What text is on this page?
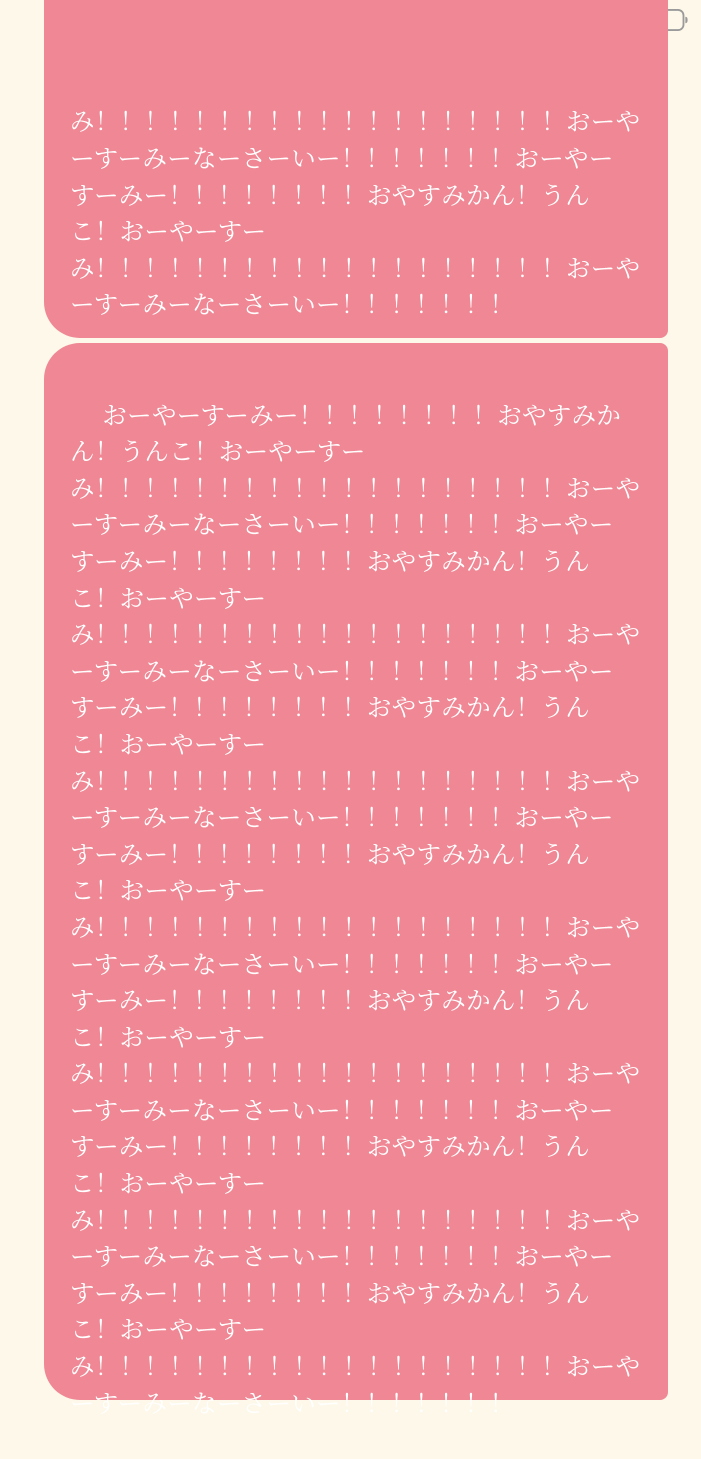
み！！！！！！！！！！！！！！！！！！！おーや
ーすーみーなーさーいー！！！！！！！おーやー
すーみー！！！！！！！！おやすみかん！うん
こ！おーやーすー
み！！！！！！！！！！！！！！！！！！！おーや
ーすーみーなーさーいー！！！！！！！

おーやーすーみー！！！！！！！！おやすみか
ん！うんこ！おーやーすー
み！！！！！！！！！！！！！！！！！！！おーや
ーすーみーなーさーいー！！！！！！！おーやー
すーみー！！！！！！！！おやすみかん！うん
こ！おーやーすー
み！！！！！！！！！！！！！！！！！！！おーや
ーすーみーなーさーいー！！！！！！！おーやー
すーみー！！！！！！！！おやすみかん！うん
こ！おーやーすー
み！！！！！！！！！！！！！！！！！！！おーや
ーすーみーなーさーいー！！！！！！！おーやー
すーみー！！！！！！！！おやすみかん！うん
こ！おーやーすー
み！！！！！！！！！！！！！！！！！！！おーや
ーすーみーなーさーいー！！！！！！！おーやー
すーみー！！！！！！！！おやすみかん！うん
こ！おーやーすー
み！！！！！！！！！！！！！！！！！！！おーや
ーすーみーなーさーいー！！！！！！！おーやー
すーみー！！！！！！！！おやすみかん！うん
こ！おーやーすー
み！！！！！！！！！！！！！！！！！！！おーや
ーすーみーなーさーいー！！！！！！！おーやー
すーみー！！！！！！！！おやすみかん！うん
こ！おーやーすー
み！！！！！！！！！！！！！！！！！！！おーや
ーすーみーなーさーいー！！！！！！！
